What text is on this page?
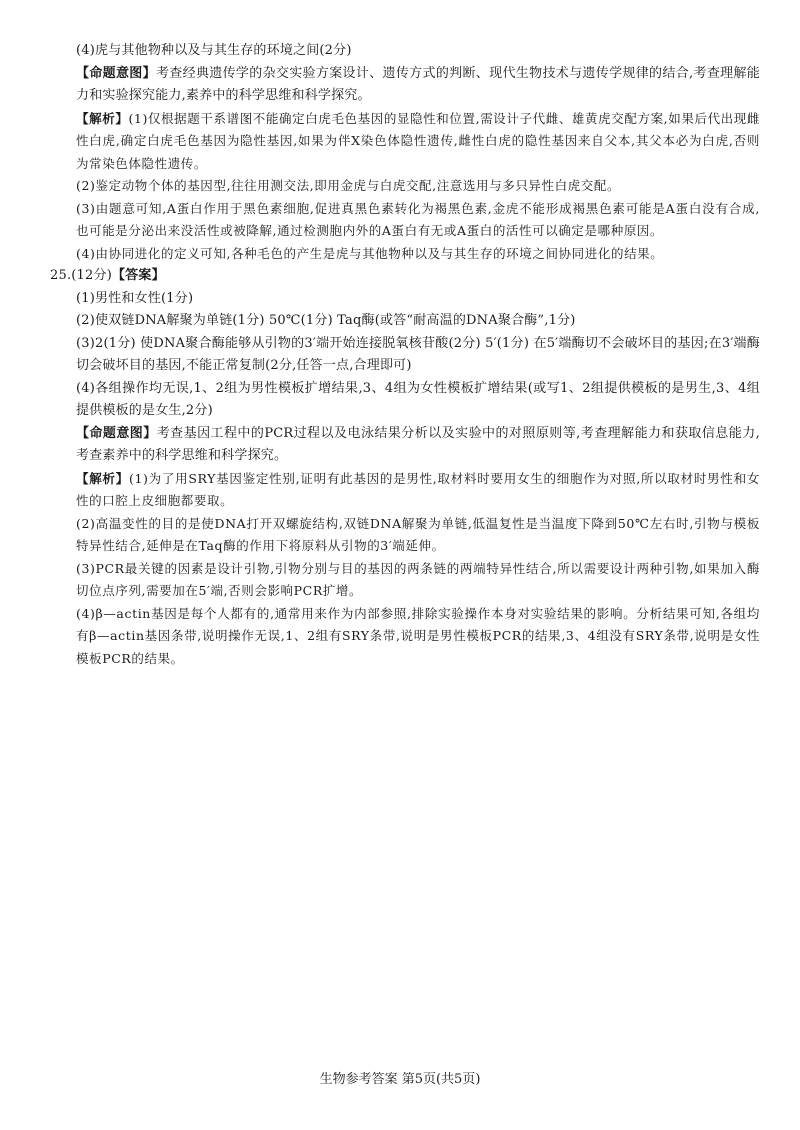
(4)虎与其他物种以及与其生存的环境之间(2分)

【命题意图】考查经典遗传学的杂交实验方案设计、遗传方式的判断、现代生物技术与遗传学规律的结合,考查理解能力和实验探究能力,素养中的科学思维和科学探究。

【解析】(1)仅根据题干系谱图不能确定白虎毛色基因的显隐性和位置,需设计子代雌、雄黄虎交配方案,如果后代出现雌性白虎,确定白虎毛色基因为隐性基因,如果为伴X染色体隐性遗传,雌性白虎的隐性基因来自父本,其父本必为白虎,否则为常染色体隐性遗传。

(2)鉴定动物个体的基因型,往往用测交法,即用金虎与白虎交配,注意选用与多只异性白虎交配。

(3)由题意可知,A蛋白作用于黑色素细胞,促进真黑色素转化为褐黑色素,金虎不能形成褐黑色素可能是A蛋白没有合成,也可能是分泌出来没活性或被降解,通过检测胞内外的A蛋白有无或A蛋白的活性可以确定是哪种原因。

(4)由协同进化的定义可知,各种毛色的产生是虎与其他物种以及与其生存的环境之间协同进化的结果。

25.(12分)【答案】

(1)男性和女性(1分)

(2)使双链DNA解聚为单链(1分) 50℃(1分) Taq酶(或答“耐高温的DNA聚合酶”,1分)

(3)2(1分) 使DNA聚合酶能够从引物的3′端开始连接脱氧核苷酸(2分) 5′(1分) 在5′端酶切不会破坏目的基因;在3′端酶切会破坏目的基因,不能正常复制(2分,任答一点,合理即可)

(4)各组操作均无误,1、2组为男性模板扩增结果,3、4组为女性模板扩增结果(或写1、2组提供模板的是男生,3、4组提供模板的是女生,2分)

【命题意图】考查基因工程中的PCR过程以及电泳结果分析以及实验中的对照原则等,考查理解能力和获取信息能力,考查素养中的科学思维和科学探究。

【解析】(1)为了用SRY基因鉴定性别,证明有此基因的是男性,取材料时要用女生的细胞作为对照,所以取材时男性和女性的口腔上皮细胞都要取。

(2)高温变性的目的是使DNA打开双螺旋结构,双链DNA解聚为单链,低温复性是当温度下降到50℃左右时,引物与模板特异性结合,延伸是在Taq酶的作用下将原料从引物的3′端延伸。

(3)PCR最关键的因素是设计引物,引物分别与目的基因的两条链的两端特异性结合,所以需要设计两种引物,如果加入酶切位点序列,需要加在5′端,否则会影响PCR扩增。

(4)β—actin基因是每个人都有的,通常用来作为内部参照,排除实验操作本身对实验结果的影响。分析结果可知,各组均有β—actin基因条带,说明操作无误,1、2组有SRY条带,说明是男性模板PCR的结果,3、4组没有SRY条带,说明是女性模板PCR的结果。

生物参考答案 第5页(共5页)
